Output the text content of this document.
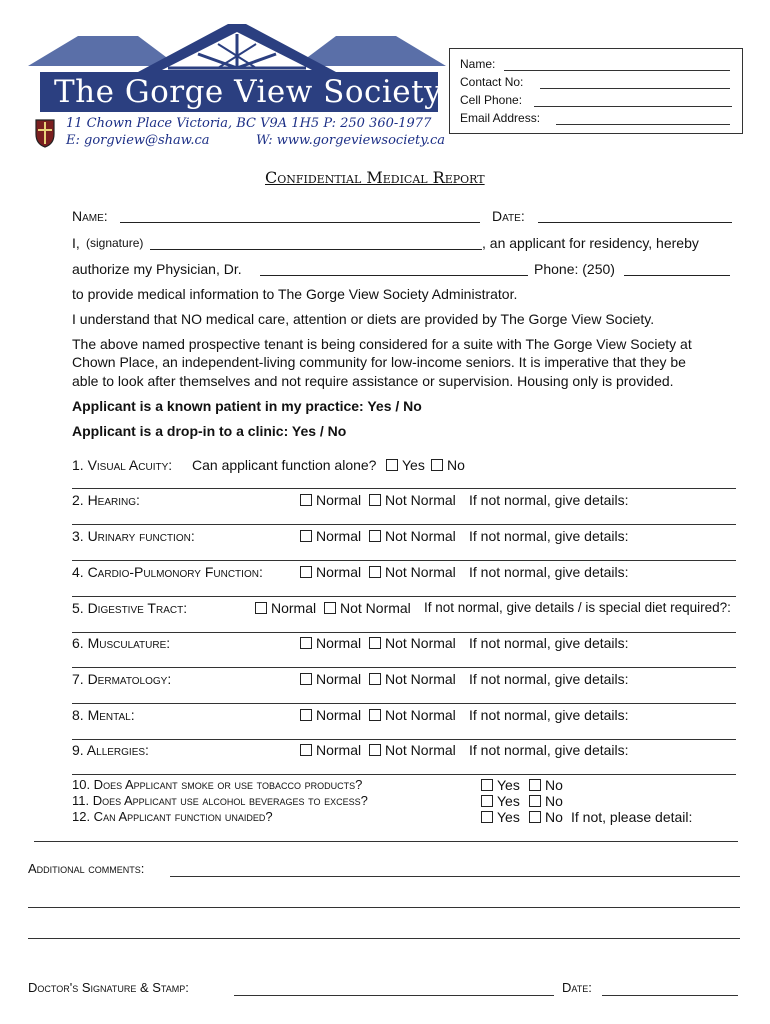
The Gorge View Society
11 Chown Place Victoria, BC V9A 1H5 P: 250 360-1977
E: gorgview@shaw.ca	W: www.gorgeviewsociety.ca
Name:
Contact No:
Cell Phone:
Email Address:
Confidential Medical Report
Name:	Date:
I, (signature)	, an applicant for residency, hereby
authorize my Physician, Dr.	Phone: (250)
to provide medical information to The Gorge View Society Administrator.
I understand that NO medical care, attention or diets are provided by The Gorge View Society.
The above named prospective tenant is being considered for a suite with The Gorge View Society at
Chown Place, an independent-living community for low-income seniors. It is imperative that they be
able to look after themselves and not require assistance or supervision. Housing only is provided.
Applicant is a known patient in my practice: Yes / No
Applicant is a drop-in to a clinic: Yes / No
1. Visual Acuity: Can applicant function alone?	Yes	No
2. Hearing:	Normal	Not Normal If not normal, give details:
3. Urinary function:	Normal	Not Normal If not normal, give details:
4. Cardio-Pulmonory Function:	Normal	Not Normal If not normal, give details:
5. Digestive Tract:	Normal	Not Normal If not normal, give details / is special diet required?:
6. Musculature:	Normal	Not Normal If not normal, give details:
7. Dermatology:	Normal	Not Normal If not normal, give details:
8. Mental:	Normal	Not Normal If not normal, give details:
9. Allergies:	Normal	Not Normal If not normal, give details:
10. Does Applicant smoke or use tobacco products?	Yes	No
11. Does Applicant use alcohol beverages to excess?	Yes	No
12. Can Applicant function unaided?	Yes	No If not, please detail:
Additional comments:
Doctor's Signature & Stamp:	Date:
